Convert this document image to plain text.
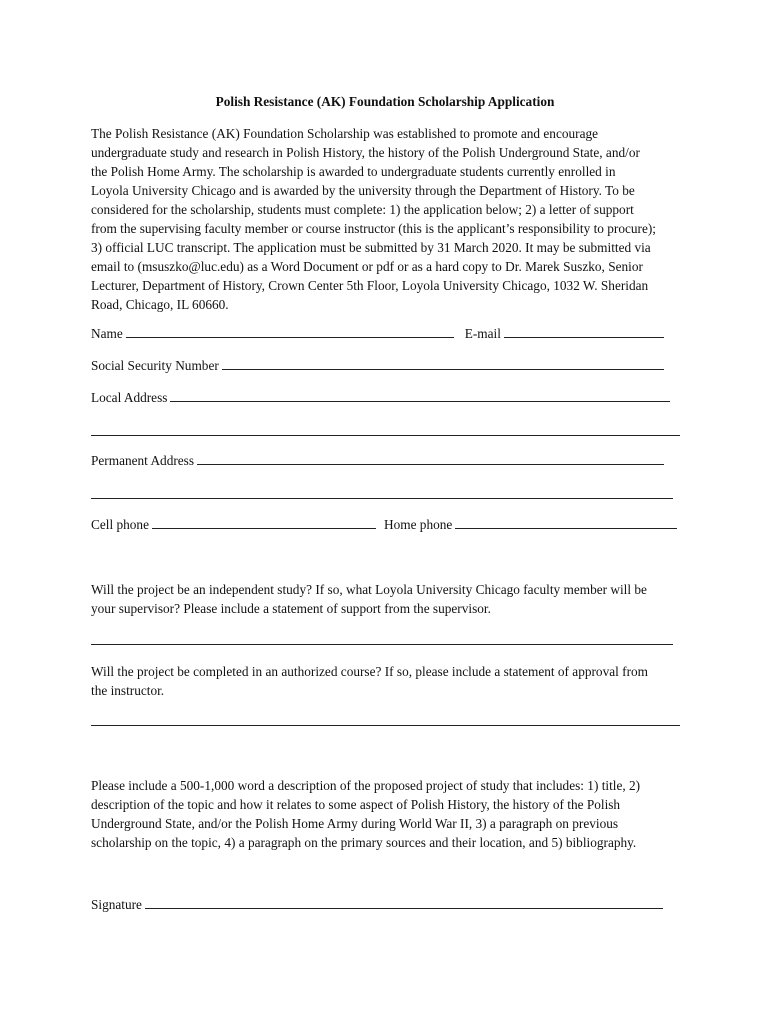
Polish Resistance (AK) Foundation Scholarship Application
The Polish Resistance (AK) Foundation Scholarship was established to promote and encourage
undergraduate study and research in Polish History, the history of the Polish Underground State, and/or
the Polish Home Army. The scholarship is awarded to undergraduate students currently enrolled in
Loyola University Chicago and is awarded by the university through the Department of History. To be
considered for the scholarship, students must complete: 1) the application below; 2) a letter of support
from the supervising faculty member or course instructor (this is the applicant’s responsibility to procure);
3) official LUC transcript. The application must be submitted by 31 March 2020. It may be submitted via
email to (msuszko@luc.edu) as a Word Document or pdf or as a hard copy to Dr. Marek Suszko, Senior
Lecturer, Department of History, Crown Center 5th Floor, Loyola University Chicago, 1032 W. Sheridan
Road, Chicago, IL 60660.
Name	E-mail
Social Security Number
Local Address
Permanent Address
Cell phone	Home phone
Will the project be an independent study? If so, what Loyola University Chicago faculty member will be
your supervisor? Please include a statement of support from the supervisor.
Will the project be completed in an authorized course? If so, please include a statement of approval from
the instructor.
Please include a 500-1,000 word a description of the proposed project of study that includes: 1) title, 2)
description of the topic and how it relates to some aspect of Polish History, the history of the Polish
Underground State, and/or the Polish Home Army during World War II, 3) a paragraph on previous
scholarship on the topic, 4) a paragraph on the primary sources and their location, and 5) bibliography.
Signature
